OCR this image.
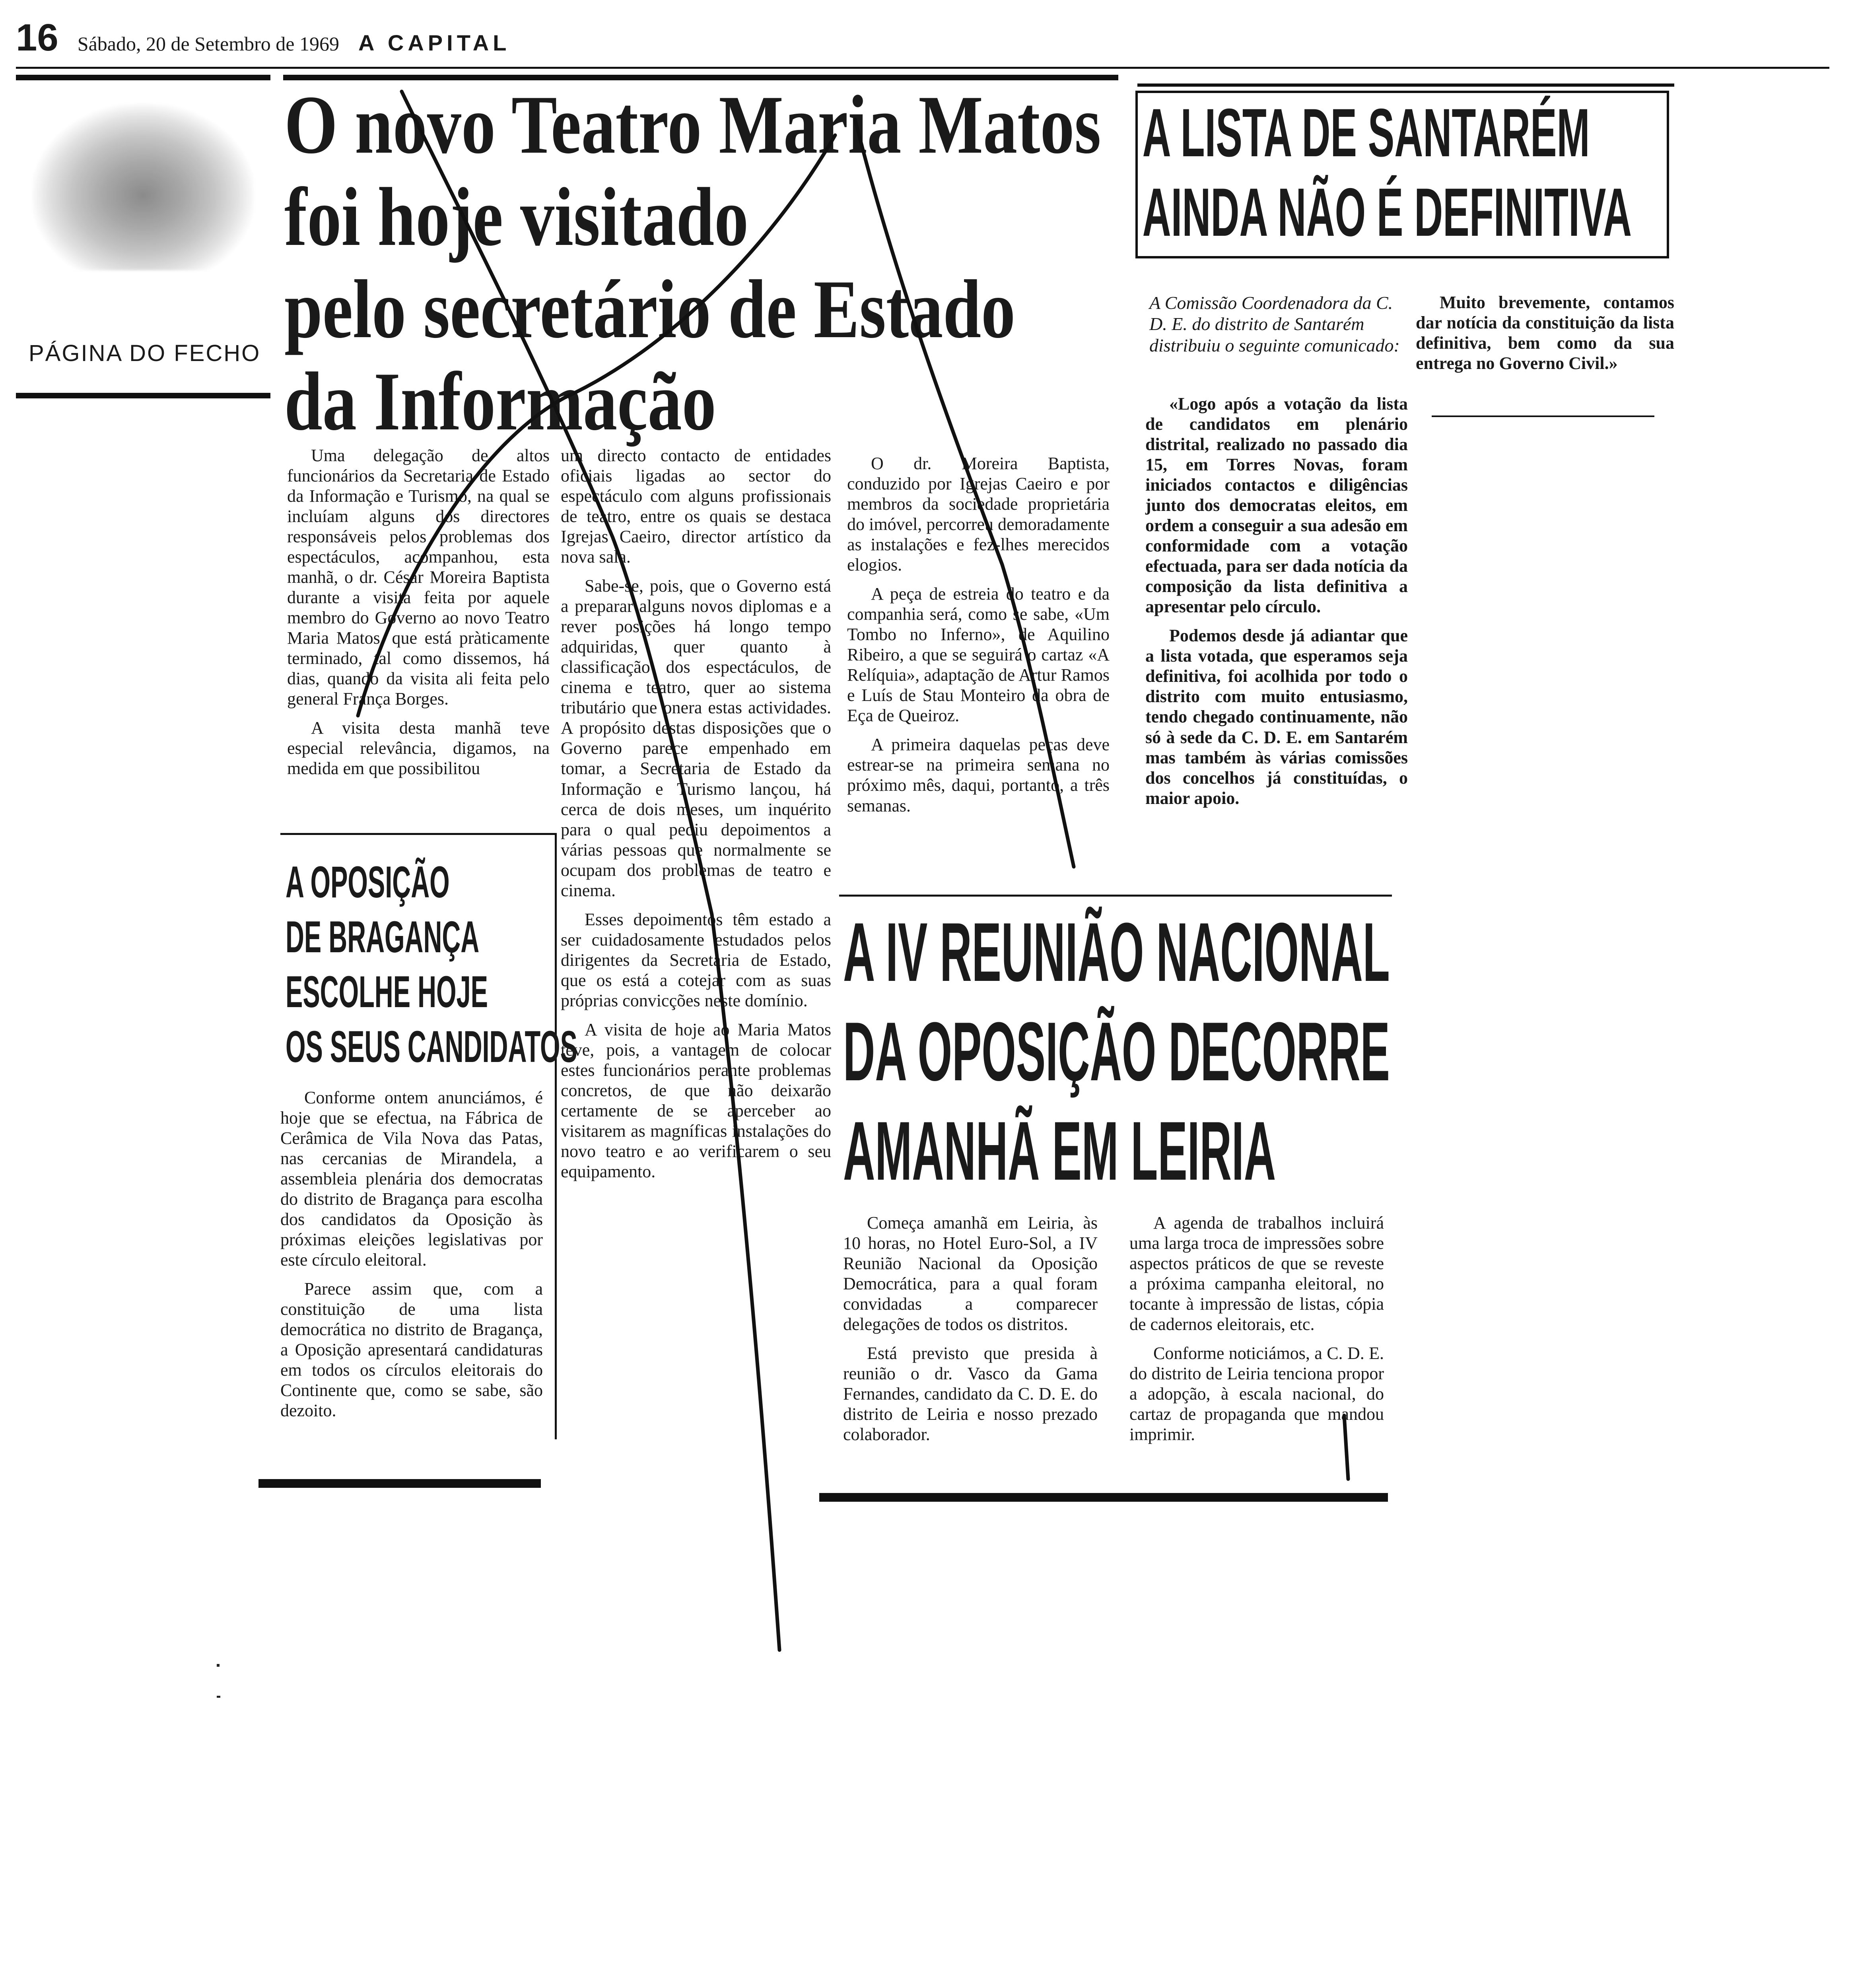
16 Sábado, 20 de Setembro de 1969 A CAPITAL
PÁGINA DO FECHO
O novo Teatro Maria Matos
foi hoje visitado
pelo secretário de Estado
da Informação

Uma delegação de altos funcionários da Secretaria de Estado da Informação e Turismo, na qual se incluíam alguns dos directores responsáveis pelos problemas dos espectáculos, acompanhou, esta manhã, o dr. César Moreira Baptista durante a visita feita por aquele membro do Governo ao novo Teatro Maria Matos, que está pràticamente terminado, tal como dissemos, há dias, quando da visita ali feita pelo general França Borges.

A visita desta manhã teve especial relevância, digamos, na medida em que possibilitou

um directo contacto de entidades oficiais ligadas ao sector do espectáculo com alguns profissionais de teatro, entre os quais se destaca Igrejas Caeiro, director artístico da nova sala.

Sabe-se, pois, que o Governo está a preparar alguns novos diplomas e a rever posições há longo tempo adquiridas, quer quanto à classificação dos espectáculos, de cinema e teatro, quer ao sistema tributário que onera estas actividades. A propósito destas disposições que o Governo parece empenhado em tomar, a Secretaria de Estado da Informação e Turismo lançou, há cerca de dois meses, um inquérito para o qual pediu depoimentos a várias pessoas que normalmente se ocupam dos problemas de teatro e cinema.

Esses depoimentos têm estado a ser cuidadosamente estudados pelos dirigentes da Secretaria de Estado, que os está a cotejar com as suas próprias convicções neste domínio.

A visita de hoje ao Maria Matos teve, pois, a vantagem de colocar estes funcionários perante problemas concretos, de que não deixarão certamente de se aperceber ao visitarem as magníficas instalações do novo teatro e ao verificarem o seu equipamento.

O dr. Moreira Baptista, conduzido por Igrejas Caeiro e por membros da sociedade proprietária do imóvel, percorreu demoradamente as instalações e fez-lhes merecidos elogios.

A peça de estreia do teatro e da companhia será, como se sabe, «Um Tombo no Inferno», de Aquilino Ribeiro, a que se seguirá o cartaz «A Relíquia», adaptação de Artur Ramos e Luís de Stau Monteiro da obra de Eça de Queiroz.

A primeira daquelas peças deve estrear-se na primeira semana no próximo mês, daqui, portanto, a três semanas.

A LISTA DE SANTARÉM
AINDA NÃO É DEFINITIVA
A Comissão Coordenadora da C. D. E. do distrito de Santarém distribuiu o seguinte comunicado:

«Logo após a votação da lista de candidatos em plenário distrital, realizado no passado dia 15, em Torres Novas, foram iniciados contactos e diligências junto dos democratas eleitos, em ordem a conseguir a sua adesão em conformidade com a votação efectuada, para ser dada notícia da composição da lista definitiva a apresentar pelo círculo.

Podemos desde já adiantar que a lista votada, que esperamos seja definitiva, foi acolhida por todo o distrito com muito entusiasmo, tendo chegado continuamente, não só à sede da C. D. E. em Santarém mas também às várias comissões dos concelhos já constituídas, o maior apoio.

Muito brevemente, contamos dar notícia da constituição da lista definitiva, bem como da sua entrega no Governo Civil.»

A OPOSIÇÃO
DE BRAGANÇA
ESCOLHE HOJE
OS SEUS CANDIDATOS

Conforme ontem anunciámos, é hoje que se efectua, na Fábrica de Cerâmica de Vila Nova das Patas, nas cercanias de Mirandela, a assembleia plenária dos democratas do distrito de Bragança para escolha dos candidatos da Oposição às próximas eleições legislativas por este círculo eleitoral.

Parece assim que, com a constituição de uma lista democrática no distrito de Bragança, a Oposição apresentará candidaturas em todos os círculos eleitorais do Continente que, como se sabe, são dezoito.

A IV REUNIÃO NACIONAL
DA OPOSIÇÃO DECORRE
AMANHÃ EM LEIRIA

Começa amanhã em Leiria, às 10 horas, no Hotel Euro-Sol, a IV Reunião Nacional da Oposição Democrática, para a qual foram convidadas a comparecer delegações de todos os distritos.

Está previsto que presida à reunião o dr. Vasco da Gama Fernandes, candidato da C. D. E. do distrito de Leiria e nosso prezado colaborador.

A agenda de trabalhos incluirá uma larga troca de impressões sobre aspectos práticos de que se reveste a próxima campanha eleitoral, no tocante à impressão de listas, cópia de cadernos eleitorais, etc.

Conforme noticiámos, a C. D. E. do distrito de Leiria tenciona propor a adopção, à escala nacional, do cartaz de propaganda que mandou imprimir.
